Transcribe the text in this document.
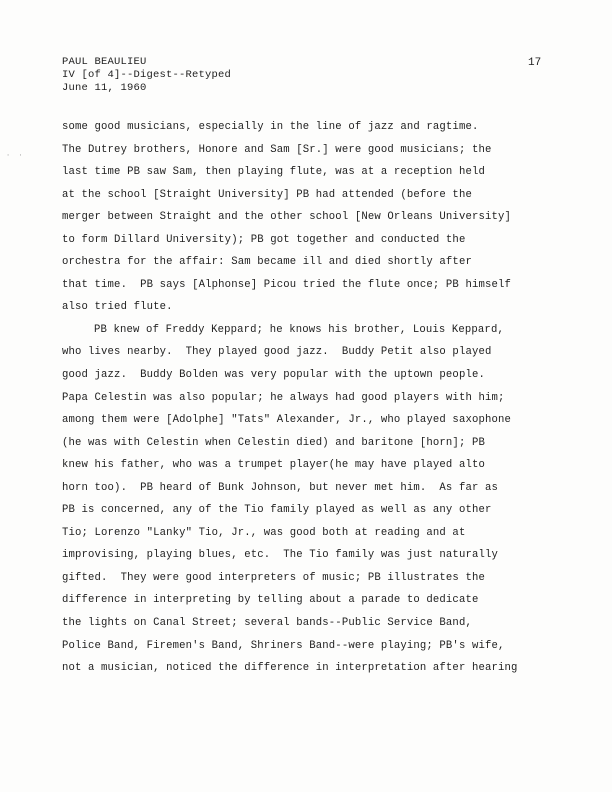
· ·
PAUL BEAULIEU
IV [of 4]--Digest--Retyped
June 11, 1960
17
some good musicians, especially in the line of jazz and ragtime.
The Dutrey brothers, Honore and Sam [Sr.] were good musicians; the
last time PB saw Sam, then playing flute, was at a reception held
at the school [Straight University] PB had attended (before the
merger between Straight and the other school [New Orleans University]
to form Dillard University); PB got together and conducted the
orchestra for the affair: Sam became ill and died shortly after
that time.  PB says [Alphonse] Picou tried the flute once; PB himself
also tried flute.
PB knew of Freddy Keppard; he knows his brother, Louis Keppard,
who lives nearby.  They played good jazz.  Buddy Petit also played
good jazz.  Buddy Bolden was very popular with the uptown people.
Papa Celestin was also popular; he always had good players with him;
among them were [Adolphe] "Tats" Alexander, Jr., who played saxophone
(he was with Celestin when Celestin died) and baritone [horn]; PB
knew his father, who was a trumpet player(he may have played alto
horn too).  PB heard of Bunk Johnson, but never met him.  As far as
PB is concerned, any of the Tio family played as well as any other
Tio; Lorenzo "Lanky" Tio, Jr., was good both at reading and at
improvising, playing blues, etc.  The Tio family was just naturally
gifted.  They were good interpreters of music; PB illustrates the
difference in interpreting by telling about a parade to dedicate
the lights on Canal Street; several bands--Public Service Band,
Police Band, Firemen's Band, Shriners Band--were playing; PB's wife,
not a musician, noticed the difference in interpretation after hearing
